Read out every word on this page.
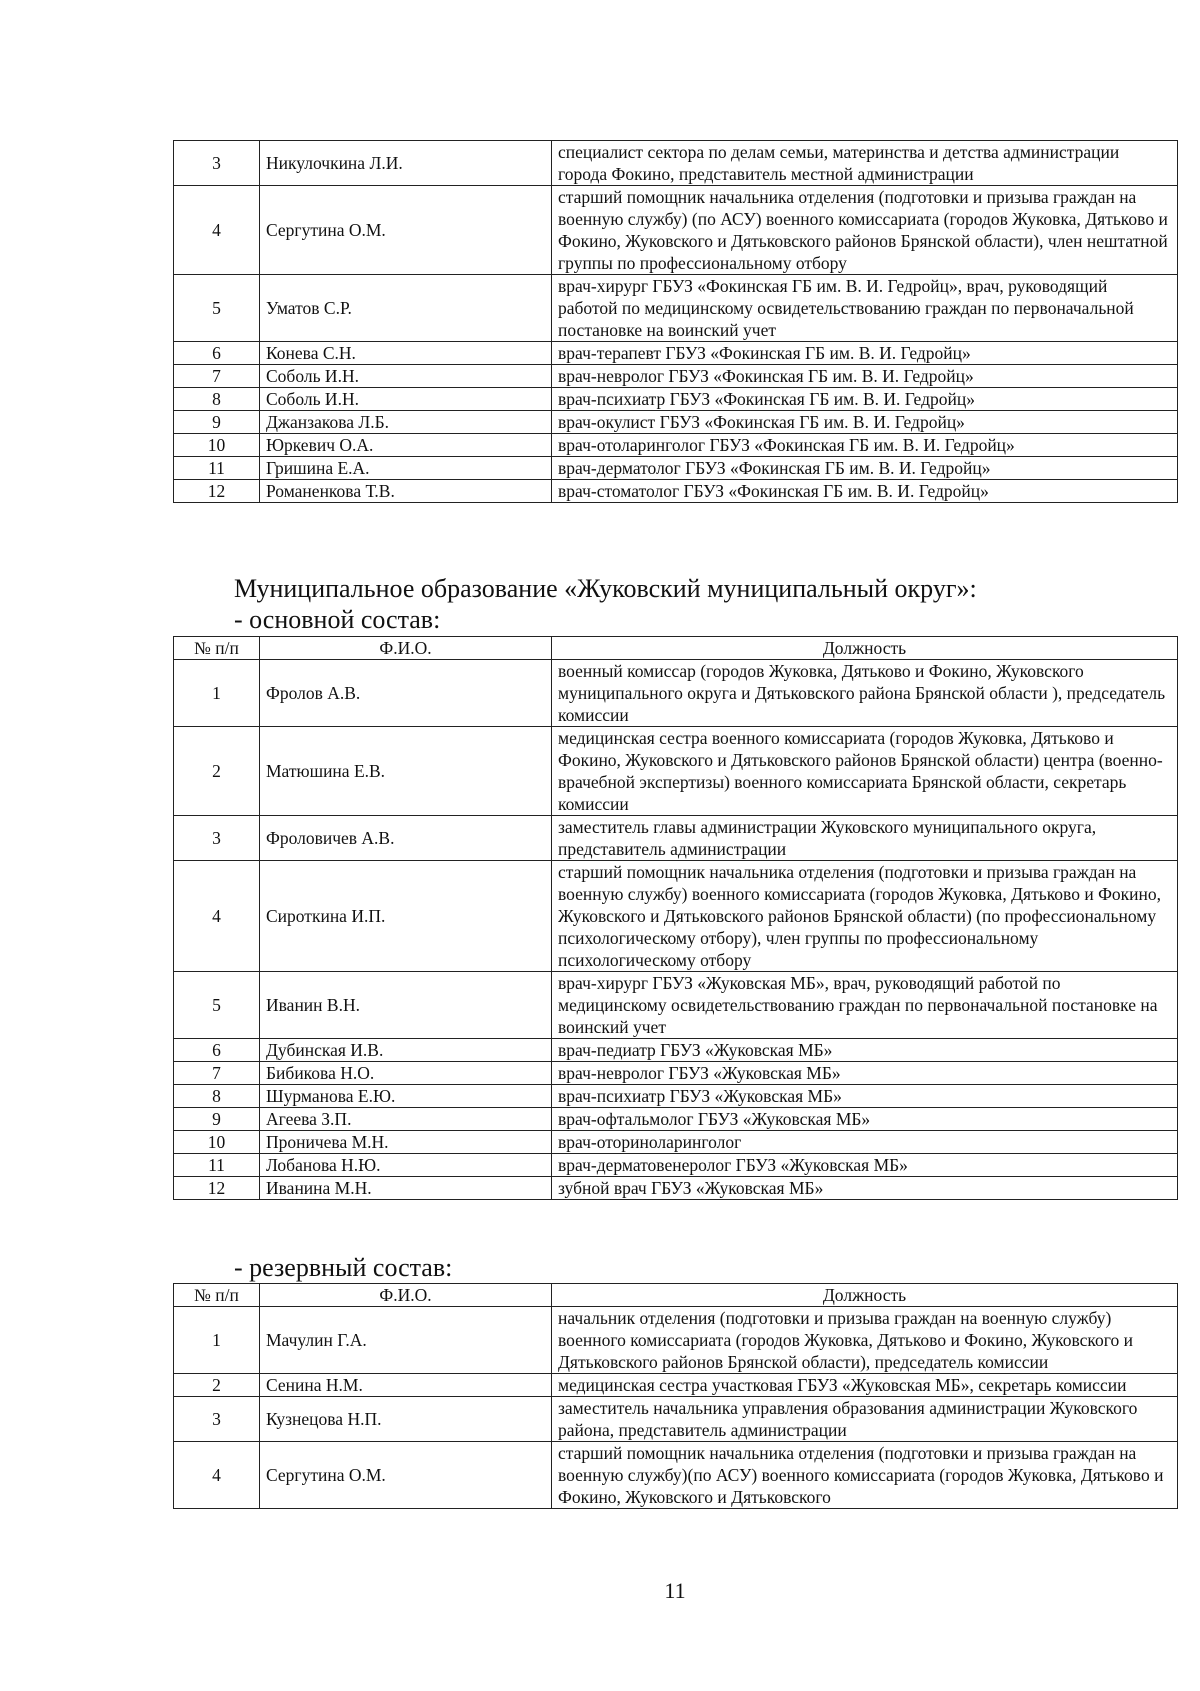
3	Никулочкина Л.И.	специалист сектора по делам семьи, материнства и детства администрации города Фокино, представитель местной администрации
4	Сергутина О.М.	старший помощник начальника отделения (подготовки и призыва граждан на военную службу) (по АСУ) военного комиссариата (городов Жуковка, Дятьково и Фокино, Жуковского и Дятьковского районов Брянской области), член нештатной группы по профессиональному отбору
5	Уматов С.Р.	врач-хирург ГБУЗ «Фокинская ГБ им. В. И. Гедройц», врач, руководящий работой по медицинскому освидетельствованию граждан по первоначальной постановке на воинский учет
6	Конева С.Н.	врач-терапевт ГБУЗ «Фокинская ГБ им. В. И. Гедройц»
7	Соболь И.Н.	врач-невролог ГБУЗ «Фокинская ГБ им. В. И. Гедройц»
8	Соболь И.Н.	врач-психиатр ГБУЗ «Фокинская ГБ им. В. И. Гедройц»
9	Джанзакова Л.Б.	врач-окулист ГБУЗ «Фокинская ГБ им. В. И. Гедройц»
10	Юркевич О.А.	врач-отоларинголог ГБУЗ «Фокинская ГБ им. В. И. Гедройц»
11	Гришина Е.А.	врач-дерматолог ГБУЗ «Фокинская ГБ им. В. И. Гедройц»
12	Романенкова Т.В.	врач-стоматолог ГБУЗ «Фокинская ГБ им. В. И. Гедройц»
Муниципальное образование «Жуковский муниципальный округ»:
- основной состав:
№ п/п	Ф.И.О.	Должность
1	Фролов А.В.	военный комиссар (городов Жуковка, Дятьково и Фокино, Жуковского муниципального округа и Дятьковского района Брянской области ), председатель комиссии
2	Матюшина Е.В.	медицинская сестра военного комиссариата (городов Жуковка, Дятьково и Фокино, Жуковского и Дятьковского районов Брянской области) центра (военно-врачебной экспертизы) военного комиссариата Брянской области, секретарь комиссии
3	Фроловичев А.В.	заместитель главы администрации Жуковского муниципального округа, представитель администрации
4	Сироткина И.П.	старший помощник начальника отделения (подготовки и призыва граждан на военную службу) военного комиссариата (городов Жуковка, Дятьково и Фокино, Жуковского и Дятьковского районов Брянской области) (по профессиональному психологическому отбору), член группы по профессиональному психологическому отбору
5	Иванин В.Н.	врач-хирург ГБУЗ «Жуковская МБ», врач, руководящий работой по медицинскому освидетельствованию граждан по первоначальной постановке на воинский учет
6	Дубинская И.В.	врач-педиатр ГБУЗ «Жуковская МБ»
7	Бибикова Н.О.	врач-невролог ГБУЗ «Жуковская МБ»
8	Шурманова Е.Ю.	врач-психиатр ГБУЗ «Жуковская МБ»
9	Агеева З.П.	врач-офтальмолог ГБУЗ «Жуковская МБ»
10	Проничева М.Н.	врач-оториноларинголог
11	Лобанова Н.Ю.	врач-дерматовенеролог ГБУЗ «Жуковская МБ»
12	Иванина М.Н.	зубной врач ГБУЗ «Жуковская МБ»
- резервный состав:
№ п/п	Ф.И.О.	Должность
1	Мачулин Г.А.	начальник отделения (подготовки и призыва граждан на военную службу) военного комиссариата (городов Жуковка, Дятьково и Фокино, Жуковского и Дятьковского районов Брянской области), председатель комиссии
2	Сенина Н.М.	медицинская сестра участковая ГБУЗ «Жуковская МБ», секретарь комиссии
3	Кузнецова Н.П.	заместитель начальника управления образования администрации Жуковского района, представитель администрации
4	Сергутина О.М.	старший помощник начальника отделения (подготовки и призыва граждан на военную службу)(по АСУ) военного комиссариата (городов Жуковка, Дятьково и Фокино, Жуковского и Дятьковского
11
